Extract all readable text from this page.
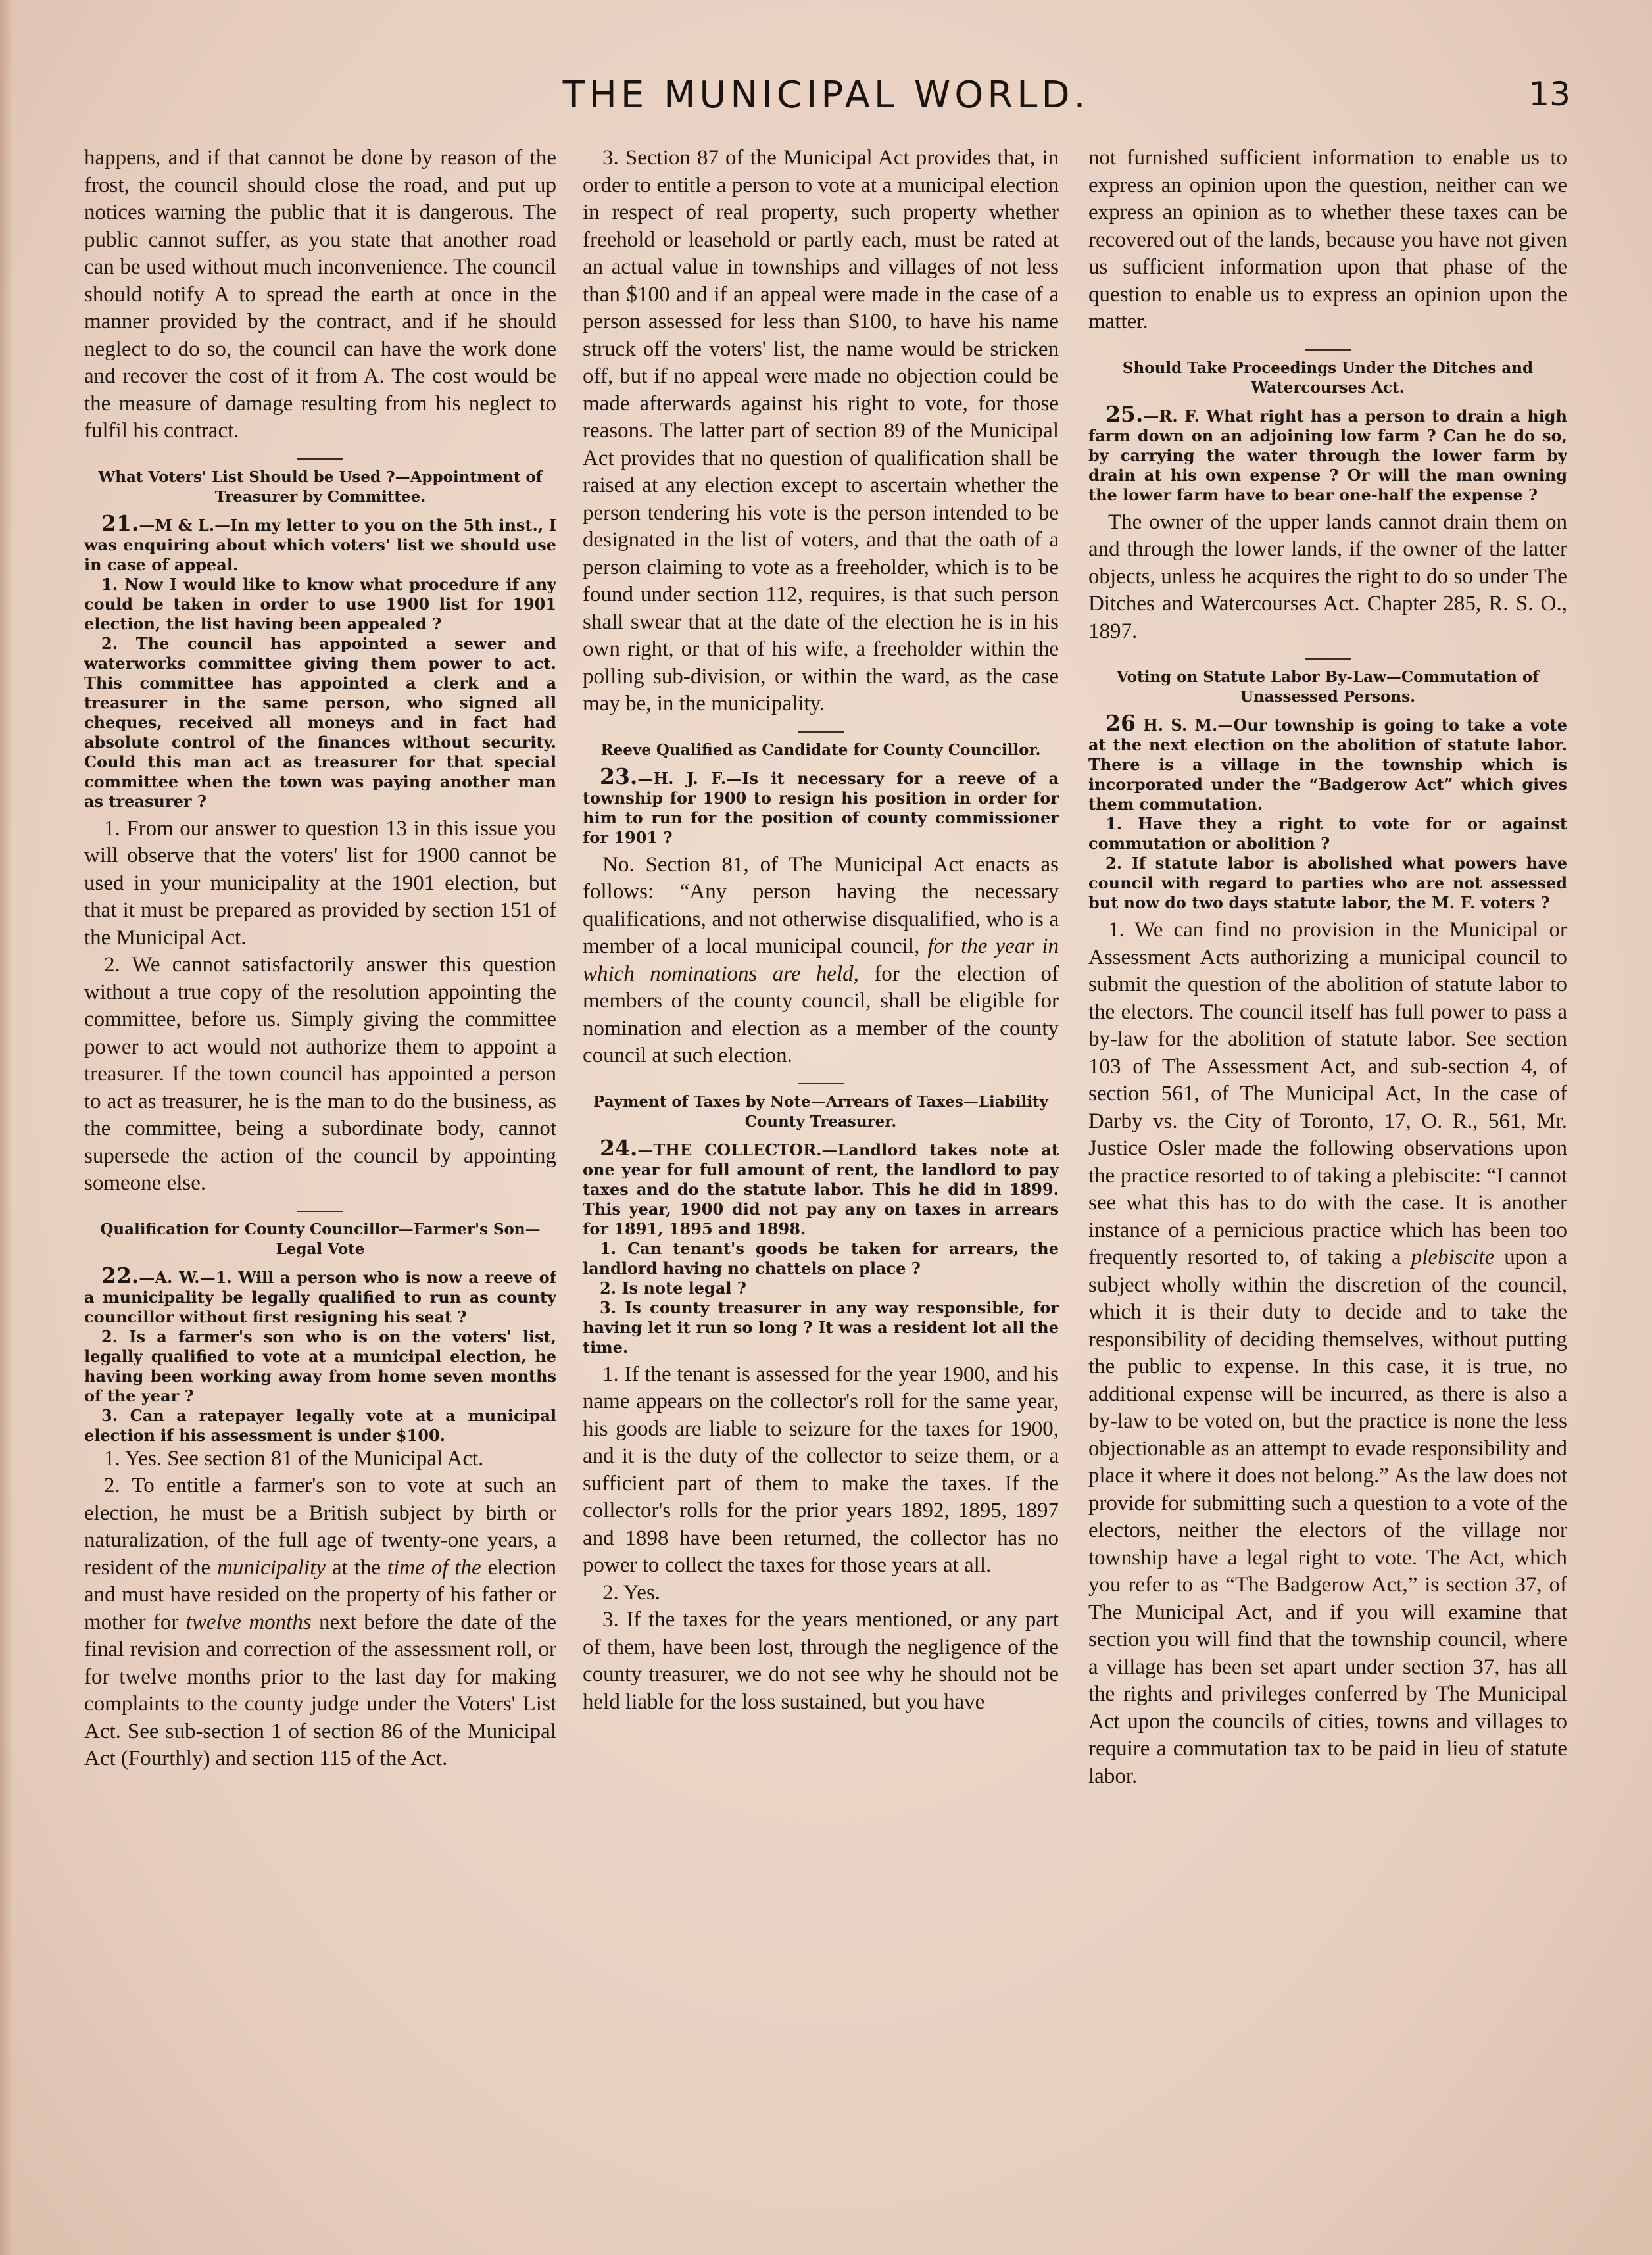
THE MUNICIPAL WORLD.	13

happens, and if that cannot be done by reason of the frost, the council should close the road, and put up notices warning the public that it is dangerous. The public cannot suffer, as you state that another road can be used without much inconvenience. The council should notify A to spread the earth at once in the manner provided by the contract, and if he should neglect to do so, the council can have the work done and recover the cost of it from A. The cost would be the measure of damage resulting from his neglect to fulfil his contract.

What Voters' List Should be Used ?—Appointment of Treasurer by Committee.

21.—M & L.—In my letter to you on the 5th inst., I was enquiring about which voters' list we should use in case of appeal.

1. Now I would like to know what procedure if any could be taken in order to use 1900 list for 1901 election, the list having been appealed ?

2. The council has appointed a sewer and waterworks committee giving them power to act. This committee has appointed a clerk and a treasurer in the same person, who signed all cheques, received all moneys and in fact had absolute control of the finances without security. Could this man act as treasurer for that special committee when the town was paying another man as treasurer ?

1. From our answer to question 13 in this issue you will observe that the voters' list for 1900 cannot be used in your municipality at the 1901 election, but that it must be prepared as provided by section 151 of the Municipal Act.

2. We cannot satisfactorily answer this question without a true copy of the resolution appointing the committee, before us. Simply giving the committee power to act would not authorize them to appoint a treasurer. If the town council has appointed a person to act as treasurer, he is the man to do the business, as the committee, being a subordinate body, cannot supersede the action of the council by appointing someone else.

Qualification for County Councillor—Farmer's Son—Legal Vote

22.—A. W.—1. Will a person who is now a reeve of a municipality be legally qualified to run as county councillor without first resigning his seat ?

2. Is a farmer's son who is on the voters' list, legally qualified to vote at a municipal election, he having been working away from home seven months of the year ?

3. Can a ratepayer legally vote at a municipal election if his assessment is under $100.

1. Yes. See section 81 of the Municipal Act.

2. To entitle a farmer's son to vote at such an election, he must be a British subject by birth or naturalization, of the full age of twenty-one years, a resident of the municipality at the time of the election and must have resided on the property of his father or mother for twelve months next before the date of the final revision and correction of the assessment roll, or for twelve months prior to the last day for making complaints to the county judge under the Voters' List Act. See sub-section 1 of section 86 of the Municipal Act (Fourthly) and section 115 of the Act.

3. Section 87 of the Municipal Act provides that, in order to entitle a person to vote at a municipal election in respect of real property, such property whether freehold or leasehold or partly each, must be rated at an actual value in townships and villages of not less than $100 and if an appeal were made in the case of a person assessed for less than $100, to have his name struck off the voters' list, the name would be stricken off, but if no appeal were made no objection could be made afterwards against his right to vote, for those reasons. The latter part of section 89 of the Municipal Act provides that no question of qualification shall be raised at any election except to ascertain whether the person tendering his vote is the person intended to be designated in the list of voters, and that the oath of a person claiming to vote as a freeholder, which is to be found under section 112, requires, is that such person shall swear that at the date of the election he is in his own right, or that of his wife, a freeholder within the polling sub-division, or within the ward, as the case may be, in the municipality.

Reeve Qualified as Candidate for County Councillor.

23.—H. J. F.—Is it necessary for a reeve of a township for 1900 to resign his position in order for him to run for the position of county commissioner for 1901 ?

No. Section 81, of The Municipal Act enacts as follows: “Any person having the necessary qualifications, and not otherwise disqualified, who is a member of a local municipal council, for the year in which nominations are held, for the election of members of the county council, shall be eligible for nomination and election as a member of the county council at such election.

Payment of Taxes by Note—Arrears of Taxes—Liability County Treasurer.

24.—THE COLLECTOR.—Landlord takes note at one year for full amount of rent, the landlord to pay taxes and do the statute labor. This he did in 1899. This year, 1900 did not pay any on taxes in arrears for 1891, 1895 and 1898.

1. Can tenant's goods be taken for arrears, the landlord having no chattels on place ?

2. Is note legal ?

3. Is county treasurer in any way responsible, for having let it run so long ? It was a resident lot all the time.

1. If the tenant is assessed for the year 1900, and his name appears on the collector's roll for the same year, his goods are liable to seizure for the taxes for 1900, and it is the duty of the collector to seize them, or a sufficient part of them to make the taxes. If the collector's rolls for the prior years 1892, 1895, 1897 and 1898 have been returned, the collector has no power to collect the taxes for those years at all.

2. Yes.

3. If the taxes for the years mentioned, or any part of them, have been lost, through the negligence of the county treasurer, we do not see why he should not be held liable for the loss sustained, but you have

not furnished sufficient information to enable us to express an opinion upon the question, neither can we express an opinion as to whether these taxes can be recovered out of the lands, because you have not given us sufficient information upon that phase of the question to enable us to express an opinion upon the matter.

Should Take Proceedings Under the Ditches and Watercourses Act.

25.—R. F. What right has a person to drain a high farm down on an adjoining low farm ? Can he do so, by carrying the water through the lower farm by drain at his own expense ? Or will the man owning the lower farm have to bear one-half the expense ?

The owner of the upper lands cannot drain them on and through the lower lands, if the owner of the latter objects, unless he acquires the right to do so under The Ditches and Watercourses Act. Chapter 285, R. S. O., 1897.

Voting on Statute Labor By-Law—Commutation of Unassessed Persons.

26 H. S. M.—Our township is going to take a vote at the next election on the abolition of statute labor. There is a village in the township which is incorporated under the “Badgerow Act” which gives them commutation.

1. Have they a right to vote for or against commutation or abolition ?

2. If statute labor is abolished what powers have council with regard to parties who are not assessed but now do two days statute labor, the M. F. voters ?

1. We can find no provision in the Municipal or Assessment Acts authorizing a municipal council to submit the question of the abolition of statute labor to the electors. The council itself has full power to pass a by-law for the abolition of statute labor. See section 103 of The Assessment Act, and sub-section 4, of section 561, of The Municipal Act, In the case of Darby vs. the City of Toronto, 17, O. R., 561, Mr. Justice Osler made the following observations upon the practice resorted to of taking a plebiscite: “I cannot see what this has to do with the case. It is another instance of a pernicious practice which has been too frequently resorted to, of taking a plebiscite upon a subject wholly within the discretion of the council, which it is their duty to decide and to take the responsibility of deciding themselves, without putting the public to expense. In this case, it is true, no additional expense will be incurred, as there is also a by-law to be voted on, but the practice is none the less objectionable as an attempt to evade responsibility and place it where it does not belong.” As the law does not provide for submitting such a question to a vote of the electors, neither the electors of the village nor township have a legal right to vote. The Act, which you refer to as “The Badgerow Act,” is section 37, of The Municipal Act, and if you will examine that section you will find that the township council, where a village has been set apart under section 37, has all the rights and privileges conferred by The Municipal Act upon the councils of cities, towns and villages to require a commutation tax to be paid in lieu of statute labor.
